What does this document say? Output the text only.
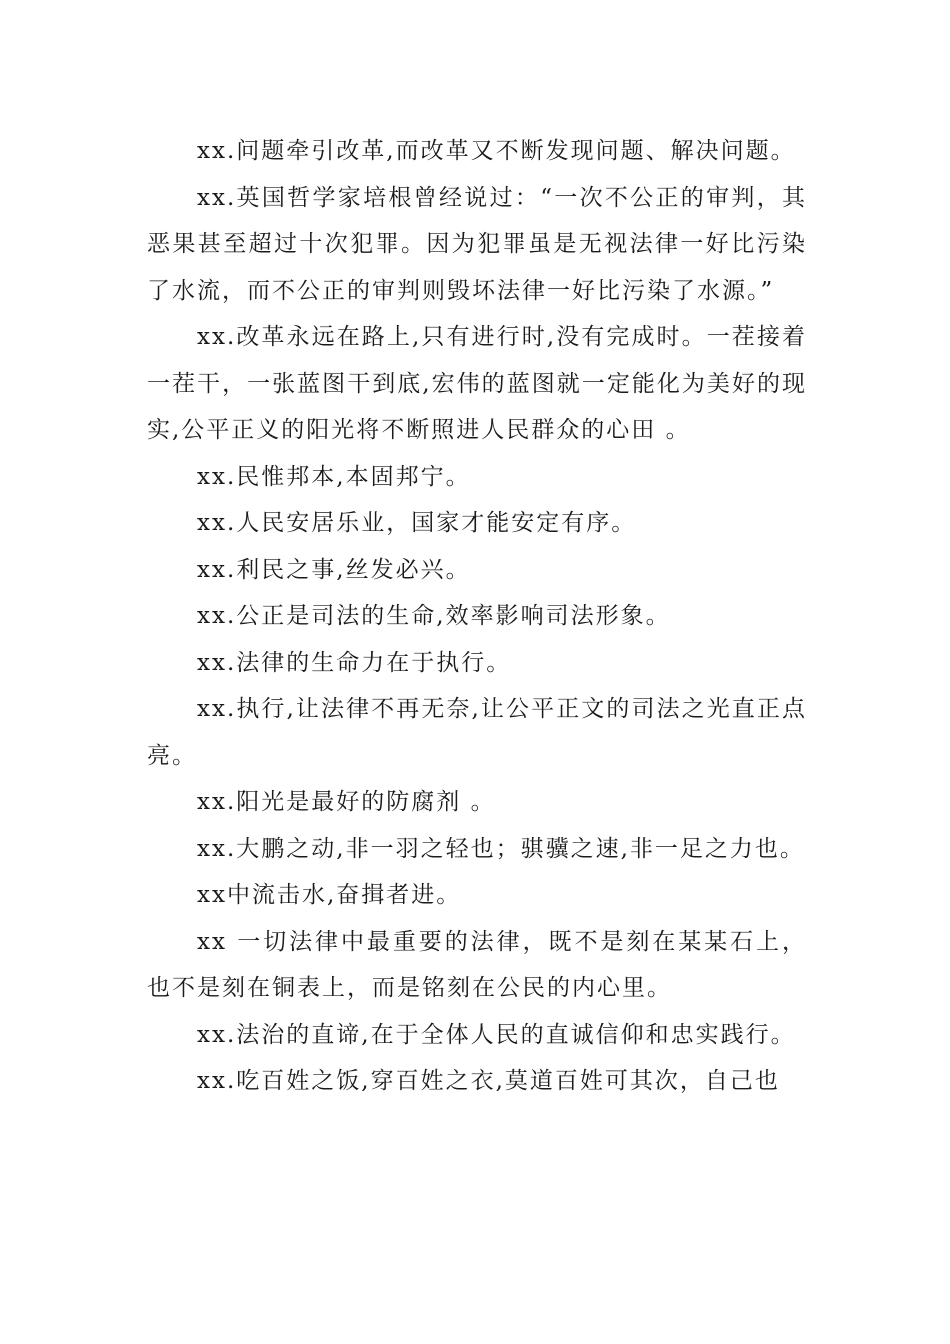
xx.问题牵引改革,而改革又不断发现问题、解决问题。

xx.英国哲学家培根曾经说过：“一次不公正的审判，其恶果甚至超过十次犯罪。因为犯罪虽是无视法律一好比污染了水流，而不公正的审判则毁坏法律一好比污染了水源。”

xx.改革永远在路上,只有进行时,没有完成时。一茬接着一茬干，一张蓝图干到底,宏伟的蓝图就一定能化为美好的现实,公平正义的阳光将不断照进人民群众的心田 。

xx.民惟邦本,本固邦宁。

xx.人民安居乐业，国家才能安定有序。

xx.利民之事,丝发必兴。

xx.公正是司法的生命,效率影响司法形象。

xx.法律的生命力在于执行。

xx.执行,让法律不再无奈,让公平正文的司法之光直正点亮。

xx.阳光是最好的防腐剂 。

xx.大鹏之动,非一羽之轻也；骐骥之速,非一足之力也。

xx中流击水,奋揖者进。

xx 一切法律中最重要的法律，既不是刻在某某石上，也不是刻在铜表上，而是铭刻在公民的内心里。

xx.法治的直谛,在于全体人民的直诚信仰和忠实践行。

xx.吃百姓之饭,穿百姓之衣,莫道百姓可其次，自己也
